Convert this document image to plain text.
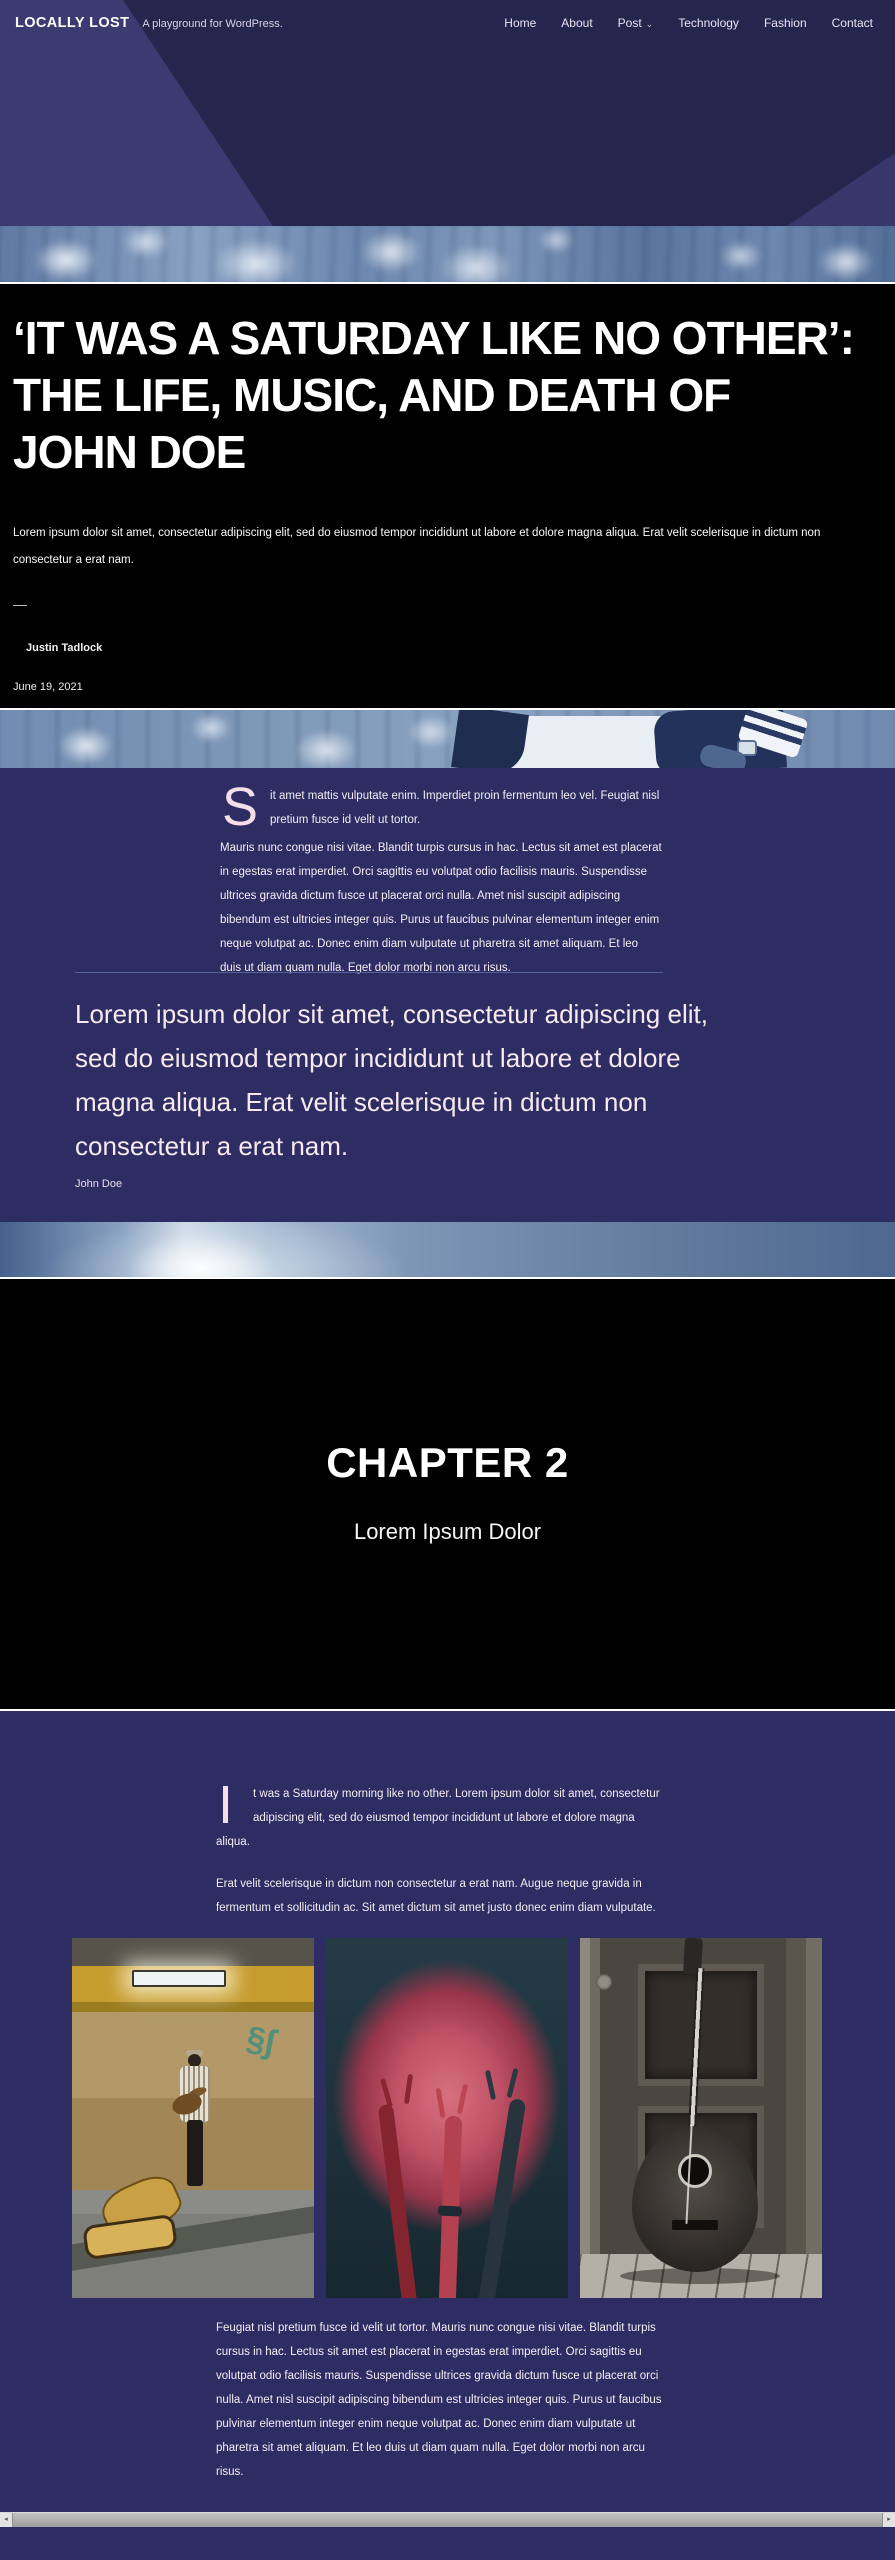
LOCALLY LOST A playground for WordPress.	Home About Post ⌄ Technology Fashion Contact
‘IT WAS A SATURDAY LIKE NO OTHER’: THE LIFE, MUSIC, AND DEATH OF JOHN DOE

Lorem ipsum dolor sit amet, consectetur adipiscing elit, sed do eiusmod tempor incididunt ut labore et dolore magna aliqua. Erat velit scelerisque in dictum non consectetur a erat nam.

—
Justin Tadlock
June 19, 2021

S it amet mattis vulputate enim. Imperdiet proin fermentum leo vel. Feugiat nisl pretium fusce id velit ut tortor.

Mauris nunc congue nisi vitae. Blandit turpis cursus in hac. Lectus sit amet est placerat in egestas erat imperdiet. Orci sagittis eu volutpat odio facilisis mauris. Suspendisse ultrices gravida dictum fusce ut placerat orci nulla. Amet nisl suscipit adipiscing bibendum est ultricies integer quis. Purus ut faucibus pulvinar elementum integer enim neque volutpat ac. Donec enim diam vulputate ut pharetra sit amet aliquam. Et leo duis ut diam quam nulla. Eget dolor morbi non arcu risus.

Lorem ipsum dolor sit amet, consectetur adipiscing elit, sed do eiusmod tempor incididunt ut labore et dolore magna aliqua. Erat velit scelerisque in dictum non consectetur a erat nam.
John Doe
CHAPTER 2
Lorem Ipsum Dolor

I t was a Saturday morning like no other. Lorem ipsum dolor sit amet, consectetur adipiscing elit, sed do eiusmod tempor incididunt ut labore et dolore magna aliqua.

Erat velit scelerisque in dictum non consectetur a erat nam. Augue neque gravida in fermentum et sollicitudin ac. Sit amet dictum sit amet justo donec enim diam vulputate.

§∫

Feugiat nisl pretium fusce id velit ut tortor. Mauris nunc congue nisi vitae. Blandit turpis cursus in hac. Lectus sit amet est placerat in egestas erat imperdiet. Orci sagittis eu volutpat odio facilisis mauris. Suspendisse ultrices gravida dictum fusce ut placerat orci nulla. Amet nisl suscipit adipiscing bibendum est ultricies integer quis. Purus ut faucibus pulvinar elementum integer enim neque volutpat ac. Donec enim diam vulputate ut pharetra sit amet aliquam. Et leo duis ut diam quam nulla. Eget dolor morbi non arcu risus.

◂	▸
